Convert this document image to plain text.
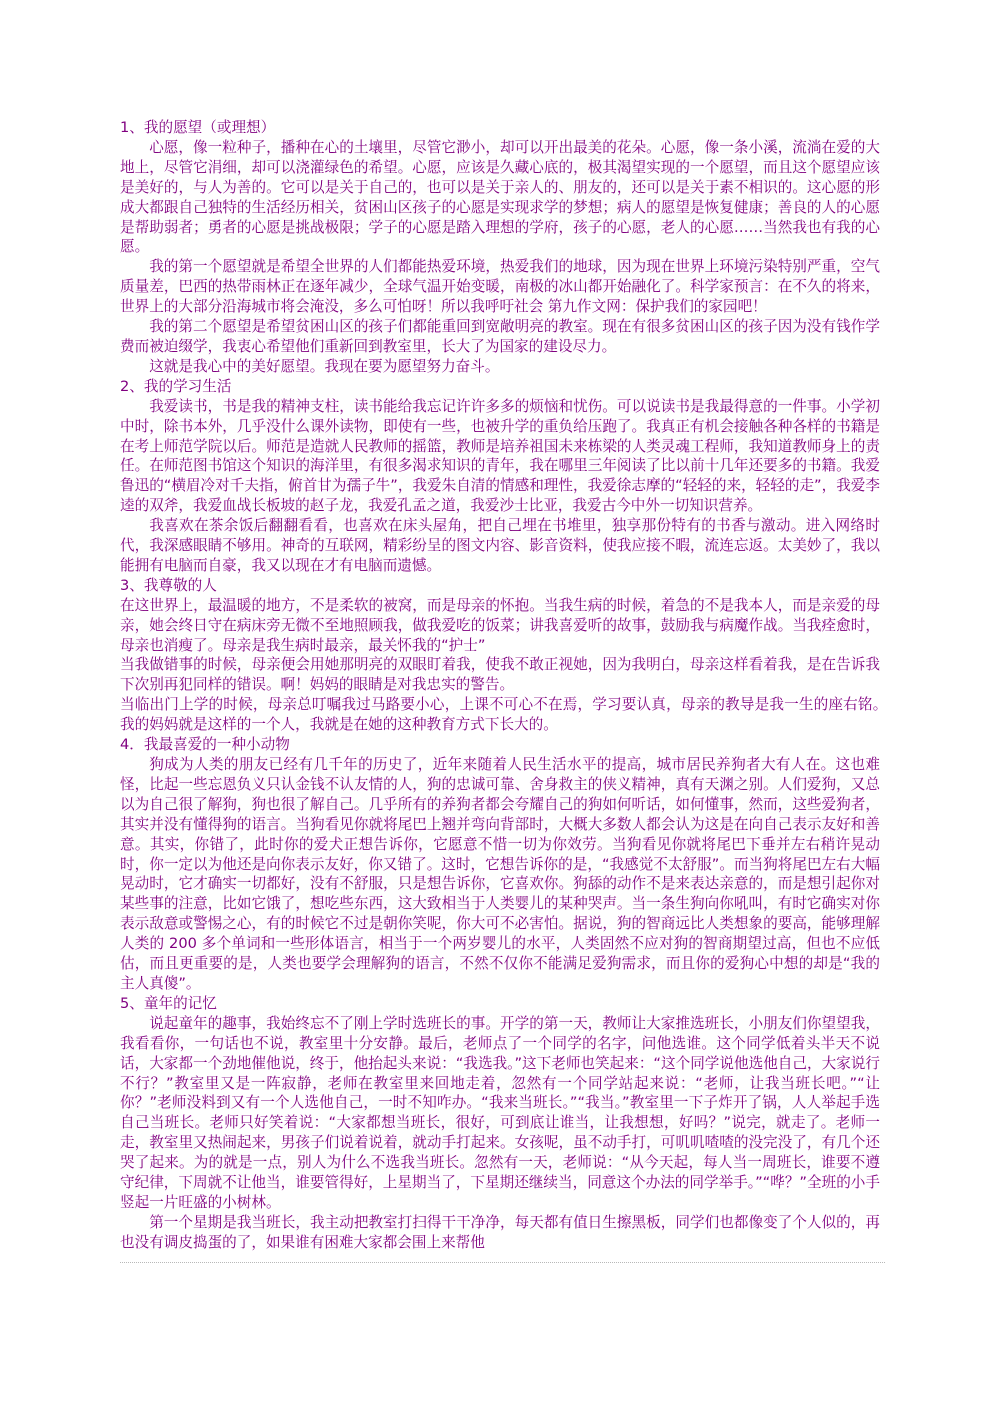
1、我的愿望（或理想）

心愿，像一粒种子，播种在心的土壤里，尽管它渺小，却可以开出最美的花朵。心愿，像一条小溪，流淌在爱的大地上，尽管它涓细，却可以浇灌绿色的希望。心愿，应该是久藏心底的，极其渴望实现的一个愿望，而且这个愿望应该是美好的，与人为善的。它可以是关于自己的，也可以是关于亲人的、朋友的，还可以是关于素不相识的。这心愿的形成大都跟自己独特的生活经历相关，贫困山区孩子的心愿是实现求学的梦想；病人的愿望是恢复健康；善良的人的心愿是帮助弱者；勇者的心愿是挑战极限；学子的心愿是踏入理想的学府，孩子的心愿，老人的心愿……当然我也有我的心愿。

我的第一个愿望就是希望全世界的人们都能热爱环境，热爱我们的地球，因为现在世界上环境污染特别严重，空气质量差，巴西的热带雨林正在逐年减少，全球气温开始变暖，南极的冰山都开始融化了。科学家预言：在不久的将来，世界上的大部分沿海城市将会淹没，多么可怕呀！所以我呼吁社会 第九作文网：保护我们的家园吧！

我的第二个愿望是希望贫困山区的孩子们都能重回到宽敞明亮的教室。现在有很多贫困山区的孩子因为没有钱作学费而被迫缀学，我衷心希望他们重新回到教室里，长大了为国家的建设尽力。

这就是我心中的美好愿望。我现在要为愿望努力奋斗。

2、我的学习生活

我爱读书，书是我的精神支柱，读书能给我忘记许许多多的烦恼和忧伤。可以说读书是我最得意的一件事。小学初中时，除书本外，几乎没什么课外读物，即使有一些，也被升学的重负给压跑了。我真正有机会接触各种各样的书籍是在考上师范学院以后。师范是造就人民教师的摇篮，教师是培养祖国未来栋梁的人类灵魂工程师，我知道教师身上的责任。在师范图书馆这个知识的海洋里，有很多渴求知识的青年，我在哪里三年阅读了比以前十几年还要多的书籍。我爱鲁迅的“横眉冷对千夫指，俯首甘为孺子牛”，我爱朱自清的情感和理性，我爱徐志摩的“轻轻的来，轻轻的走”，我爱李逵的双斧，我爱血战长板坡的赵子龙，我爱孔孟之道，我爱沙士比亚，我爱古今中外一切知识营养。

我喜欢在茶余饭后翻翻看看，也喜欢在床头屋角，把自己埋在书堆里，独享那份特有的书香与激动。进入网络时代，我深感眼睛不够用。神奇的互联网，精彩纷呈的图文内容、影音资料，使我应接不暇，流连忘返。太美妙了，我以能拥有电脑而自豪，我又以现在才有电脑而遗憾。

3、我尊敬的人

在这世界上，最温暖的地方，不是柔软的被窝，而是母亲的怀抱。当我生病的时候，着急的不是我本人，而是亲爱的母亲，她会终日守在病床旁无微不至地照顾我，做我爱吃的饭菜；讲我喜爱听的故事，鼓励我与病魔作战。当我痊愈时，母亲也消瘦了。母亲是我生病时最亲，最关怀我的“护士”

当我做错事的时候，母亲便会用她那明亮的双眼盯着我，使我不敢正视她，因为我明白，母亲这样看着我，是在告诉我下次别再犯同样的错误。啊！妈妈的眼睛是对我忠实的警告。

当临出门上学的时候，母亲总叮嘱我过马路要小心，上课不可心不在焉，学习要认真，母亲的教导是我一生的座右铭。　我的妈妈就是这样的一个人，我就是在她的这种教育方式下长大的。

4．我最喜爱的一种小动物

狗成为人类的朋友已经有几千年的历史了，近年来随着人民生活水平的提高，城市居民养狗者大有人在。这也难怪，比起一些忘恩负义只认金钱不认友情的人，狗的忠诚可靠、舍身救主的侠义精神，真有天渊之别。人们爱狗，又总以为自己很了解狗，狗也很了解自己。几乎所有的养狗者都会夸耀自己的狗如何听话，如何懂事，然而，这些爱狗者，其实并没有懂得狗的语言。当狗看见你就将尾巴上翘并弯向背部时，大概大多数人都会认为这是在向自己表示友好和善意。其实，你错了，此时你的爱犬正想告诉你，它愿意不惜一切为你效劳。当狗看见你就将尾巴下垂并左右稍许晃动时，你一定以为他还是向你表示友好，你又错了。这时，它想告诉你的是，“我感觉不太舒服”。而当狗将尾巴左右大幅晃动时，它才确实一切都好，没有不舒服，只是想告诉你，它喜欢你。狗舔的动作不是来表达亲意的，而是想引起你对某些事的注意，比如它饿了，想吃些东西，这大致相当于人类婴儿的某种哭声。当一条生狗向你吼叫，有时它确实对你表示敌意或警惕之心，有的时候它不过是朝你笑呢，你大可不必害怕。据说，狗的智商远比人类想象的要高，能够理解人类的 200 多个单词和一些形体语言，相当于一个两岁婴儿的水平，人类固然不应对狗的智商期望过高，但也不应低估，而且更重要的是，人类也要学会理解狗的语言，不然不仅你不能满足爱狗需求，而且你的爱狗心中想的却是“我的主人真傻”。

5、童年的记忆

说起童年的趣事，我始终忘不了刚上学时选班长的事。开学的第一天，教师让大家推选班长，小朋友们你望望我，我看看你，一句话也不说，教室里十分安静。最后，老师点了一个同学的名字，问他选谁。这个同学低着头半天不说话，大家都一个劲地催他说，终于，他抬起头来说：“我选我。”这下老师也笑起来：“这个同学说他选他自己，大家说行不行？”教室里又是一阵寂静，老师在教室里来回地走着，忽然有一个同学站起来说：“老师，让我当班长吧。”“让你？”老师没料到又有一个人选他自己，一时不知咋办。“我来当班长。”“我当。”教室里一下子炸开了锅，人人举起手选自己当班长。老师只好笑着说：“大家都想当班长，很好，可到底让谁当，让我想想，好吗？”说完，就走了。老师一走，教室里又热闹起来，男孩子们说着说着，就动手打起来。女孩呢，虽不动手打，可叽叽喳喳的没完没了，有几个还哭了起来。为的就是一点，别人为什么不选我当班长。忽然有一天，老师说：“从今天起，每人当一周班长，谁要不遵守纪律，下周就不让他当，谁要管得好，上星期当了，下星期还继续当，同意这个办法的同学举手。”“哗？”全班的小手竖起一片旺盛的小树林。

第一个星期是我当班长，我主动把教室打扫得干干净净，每天都有值日生擦黑板，同学们也都像变了个人似的，再也没有调皮捣蛋的了，如果谁有困难大家都会围上来帮他
